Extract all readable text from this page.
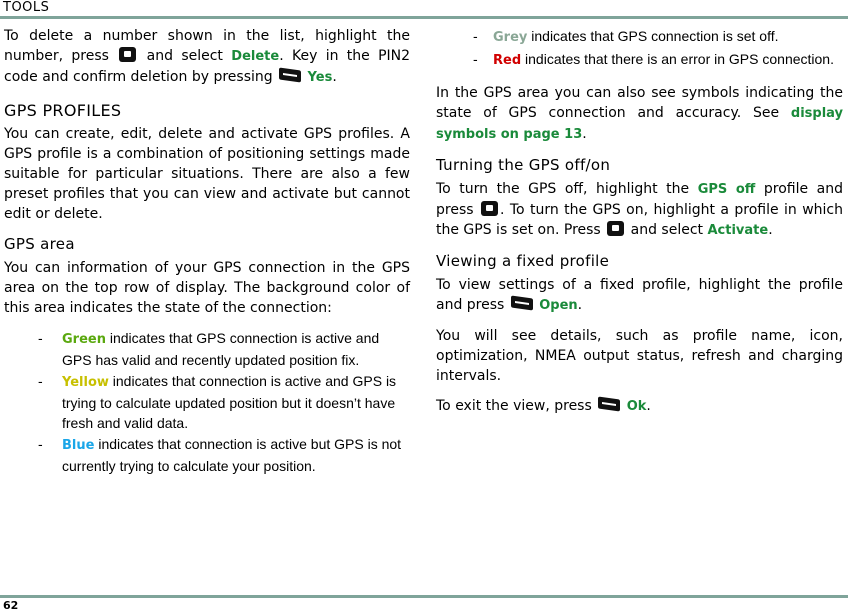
TOOLS

To delete a number shown in the list, highlight the number, press	and select Delete. Key in the PIN2 code and confirm deletion by pressing	Yes.

GPS PROFILES

You can create, edit, delete and activate GPS profiles. A GPS profile is a combination of positioning settings made suitable for particular situations. There are also a few preset profiles that you can view and activate but cannot edit or delete.

GPS area

You can information of your GPS connection in the GPS area on the top row of display. The background color of this area indicates the state of the connection:

- Green indicates that GPS connection is active and GPS has valid and recently updated position fix.
- Yellow indicates that connection is active and GPS is trying to calculate updated position but it doesn’t have fresh and valid data.
- Blue indicates that connection is active but GPS is not currently trying to calculate your position.
- Grey indicates that GPS connection is set off.
- Red indicates that there is an error in GPS connection.

In the GPS area you can also see symbols indicating the state of GPS connection and accuracy. See display symbols on page 13.

Turning the GPS off/on

To turn the GPS off, highlight the GPS off profile and press . To turn the GPS on, highlight a profile in which the GPS is set on. Press and select Activate.

Viewing a fixed profile

To view settings of a fixed profile, highlight the profile and press	Open.

You will see details, such as profile name, icon, optimization, NMEA output status, refresh and charging intervals.

To exit the view, press	Ok.

62
